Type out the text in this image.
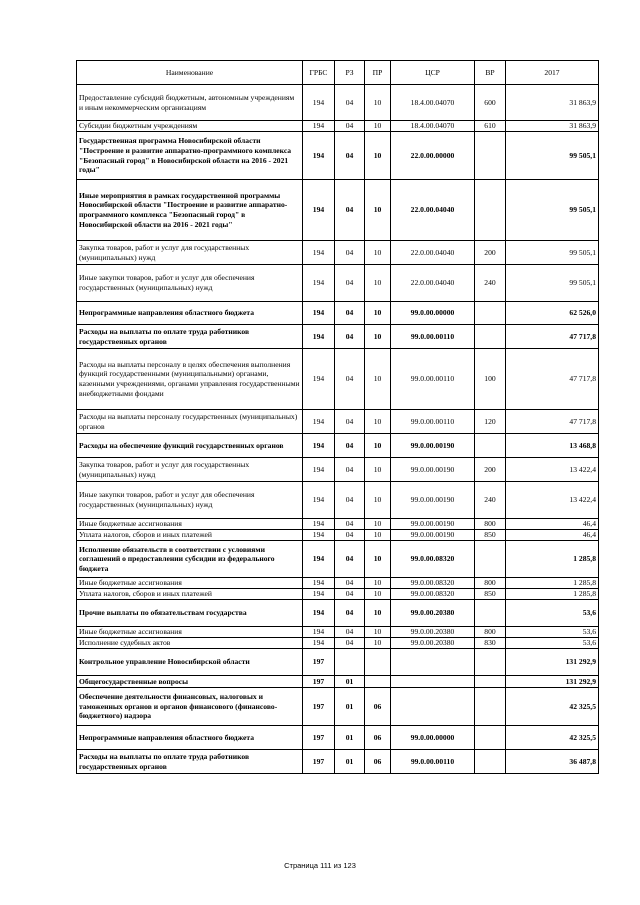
Наименование	ГРБС	РЗ	ПР	ЦСР	ВР	2017
Предоставление субсидий бюджетным, автономным учреждениям и иным некоммерческим организациям	194	04	10	18.4.00.04070	600	31 863,9
Субсидии бюджетным учреждениям	194	04	10	18.4.00.04070	610	31 863,9
Государственная программа Новосибирской области "Построение и развитие аппаратно-программного комплекса "Безопасный город" в Новосибирской области на 2016 - 2021 годы"	194	04	10	22.0.00.00000		99 505,1
Иные мероприятия в рамках государственной программы Новосибирской области "Построение и развитие аппаратно-программного комплекса "Безопасный город" в Новосибирской области на 2016 - 2021 годы"	194	04	10	22.0.00.04040		99 505,1
Закупка товаров, работ и услуг для государственных (муниципальных) нужд	194	04	10	22.0.00.04040	200	99 505,1
Иные закупки товаров, работ и услуг для обеспечения государственных (муниципальных) нужд	194	04	10	22.0.00.04040	240	99 505,1
Непрограммные направления областного бюджета	194	04	10	99.0.00.00000		62 526,0
Расходы на выплаты по оплате труда работников государственных органов	194	04	10	99.0.00.00110		47 717,8
Расходы на выплаты персоналу в целях обеспечения выполнения функций государственными (муниципальными) органами, казенными учреждениями, органами управления государственными внебюджетными фондами	194	04	10	99.0.00.00110	100	47 717,8
Расходы на выплаты персоналу государственных (муниципальных) органов	194	04	10	99.0.00.00110	120	47 717,8
Расходы на обеспечение функций государственных органов	194	04	10	99.0.00.00190		13 468,8
Закупка товаров, работ и услуг для государственных (муниципальных) нужд	194	04	10	99.0.00.00190	200	13 422,4
Иные закупки товаров, работ и услуг для обеспечения государственных (муниципальных) нужд	194	04	10	99.0.00.00190	240	13 422,4
Иные бюджетные ассигнования	194	04	10	99.0.00.00190	800	46,4
Уплата налогов, сборов и иных платежей	194	04	10	99.0.00.00190	850	46,4
Исполнение обязательств в соответствии с условиями соглашений о предоставлении субсидии из федерального бюджета	194	04	10	99.0.00.08320		1 285,8
Иные бюджетные ассигнования	194	04	10	99.0.00.08320	800	1 285,8
Уплата налогов, сборов и иных платежей	194	04	10	99.0.00.08320	850	1 285,8
Прочие выплаты по обязательствам государства	194	04	10	99.0.00.20380		53,6
Иные бюджетные ассигнования	194	04	10	99.0.00.20380	800	53,6
Исполнение судебных актов	194	04	10	99.0.00.20380	830	53,6
Контрольное управление Новосибирской области	197					131 292,9
Общегосударственные вопросы	197	01				131 292,9
Обеспечение деятельности финансовых, налоговых и таможенных органов и органов финансового (финансово-бюджетного) надзора	197	01	06			42 325,5
Непрограммные направления областного бюджета	197	01	06	99.0.00.00000		42 325,5
Расходы на выплаты по оплате труда работников государственных органов	197	01	06	99.0.00.00110		36 487,8
Страница 111 из 123
